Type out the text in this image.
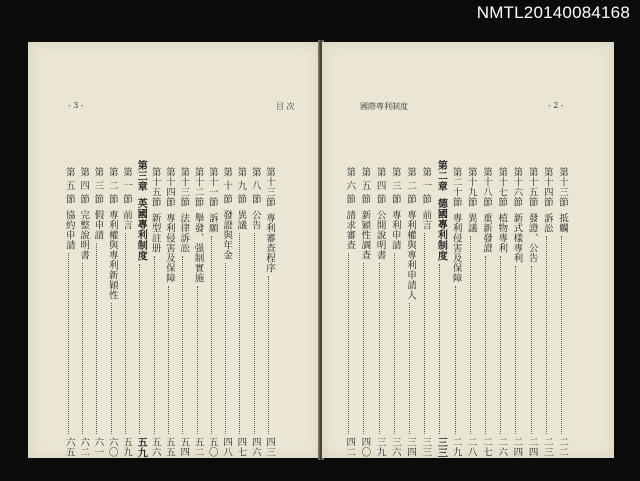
NMTL20140084168
- 3 -	目 次
第十三節專利審查程序
四三
第 八 節公告
四六
第 九 節異議
四七
第 十 節發證與年金
四八
第十一節訴願
五〇
第十二節舉發、强制實施
五二
第十三節法律訴訟
五四
第十四節專利侵害及保障
五五
第十五節新型註册
五六
第三章英國專利制度
五九
第 一 節前言
五九
第 二 節專利權與專利新穎性
六〇
第 三 節假申請
六一
第 四 節完整說明書
六二
第 五 節協約申請
六五
國際專利制度	- 2 -
第十三節抵觸
二二
第十四節訴訟
二三
第十五節發證、公告
二四
第十六節新式樣專利
二四
第十七節植物專利
二六
第十八節重新發證
二七
第十九節異議
二八
第二十節專利侵害及保障
二九
第二章德國專利制度
三三
第 一 節前言
三三
第 二 節專利權與專利申請人
三四
第 三 節專利申請
三六
第 四 節公開說明書
三九
第 五 節新穎性調查
四〇
第 六 節請求審查
四二
